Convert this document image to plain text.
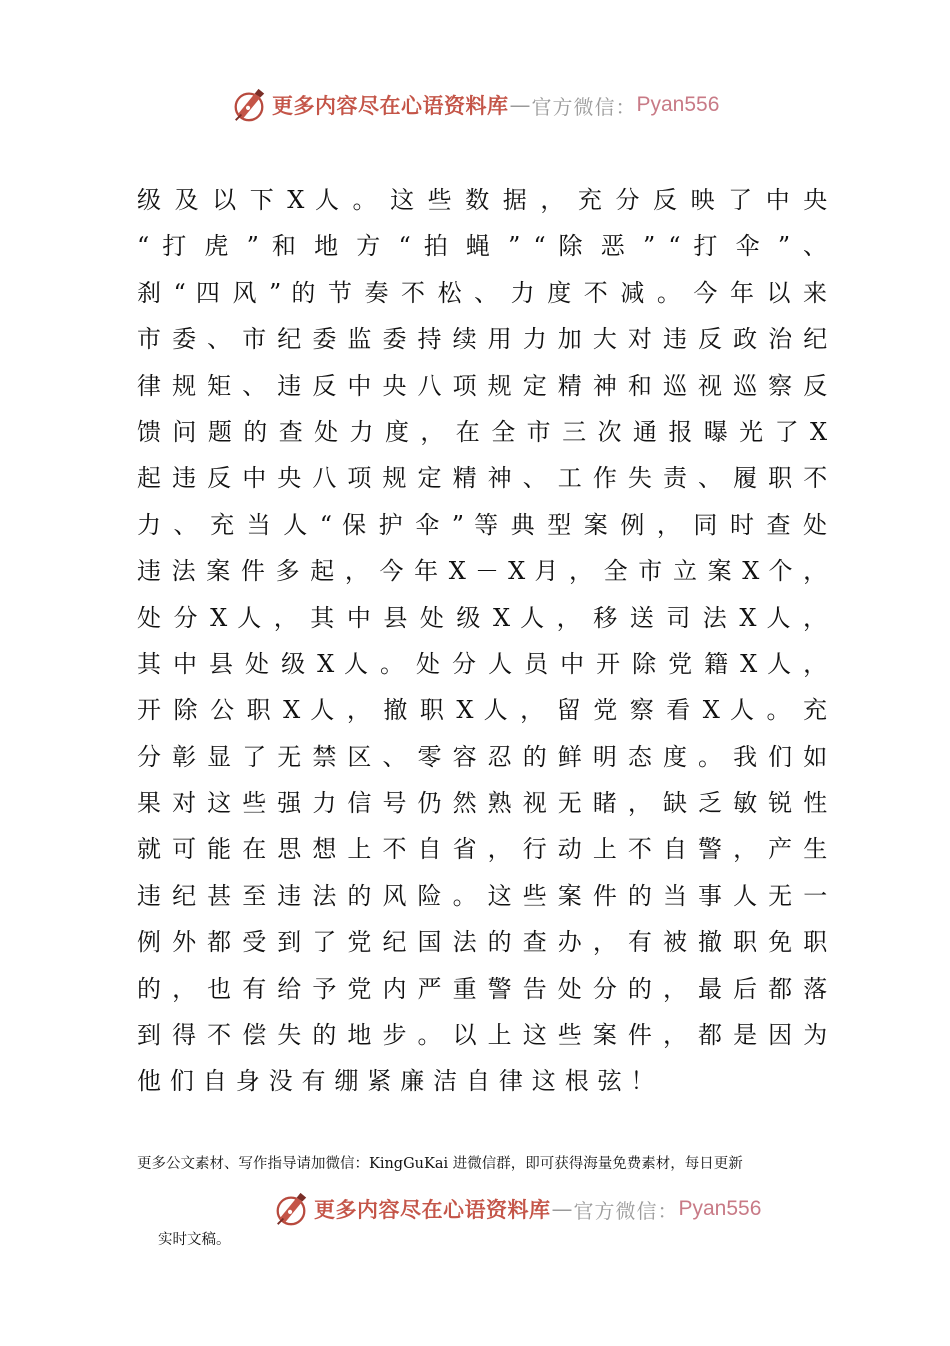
更多内容尽在心语资料库 — 官方微信： Pyan556
级 及 以 下 X 人 。 这 些 数 据 ， 充 分 反 映 了 中 央
“ 打 虎 ” 和 地 方 “ 拍 蝇 ” “ 除 恶 ” “ 打 伞 ” 、
刹 “ 四 风 ” 的 节 奏 不 松 、 力 度 不 减 。 今 年 以 来
市 委 、 市 纪 委 监 委 持 续 用 力 加 大 对 违 反 政 治 纪
律 规 矩 、 违 反 中 央 八 项 规 定 精 神 和 巡 视 巡 察 反
馈 问 题 的 查 处 力 度 ， 在 全 市 三 次 通 报 曝 光 了 X
起 违 反 中 央 八 项 规 定 精 神 、 工 作 失 责 、 履 职 不
力 、 充 当 人 “ 保 护 伞 ” 等 典 型 案 例 ， 同 时 查 处
违 法 案 件 多 起 ， 今 年 X － X 月 ， 全 市 立 案 X 个 ，
处 分 X 人 ， 其 中 县 处 级 X 人 ， 移 送 司 法 X 人 ，
其 中 县 处 级 X 人 。 处 分 人 员 中 开 除 党 籍 X 人 ，
开 除 公 职 X 人 ， 撤 职 X 人 ， 留 党 察 看 X 人 。 充
分 彰 显 了 无 禁 区 、 零 容 忍 的 鲜 明 态 度 。 我 们 如
果 对 这 些 强 力 信 号 仍 然 熟 视 无 睹 ， 缺 乏 敏 锐 性
就 可 能 在 思 想 上 不 自 省 ， 行 动 上 不 自 警 ， 产 生
违 纪 甚 至 违 法 的 风 险 。 这 些 案 件 的 当 事 人 无 一
例 外 都 受 到 了 党 纪 国 法 的 查 办 ， 有 被 撤 职 免 职
的 ， 也 有 给 予 党 内 严 重 警 告 处 分 的 ， 最 后 都 落
到 得 不 偿 失 的 地 步 。 以 上 这 些 案 件 ， 都 是 因 为
他们自身没有绷紧廉洁自律这根弦！
更多公文素材、写作指导请加微信：KingGuKai 进微信群，即可获得海量免费素材，每日更新
更多内容尽在心语资料库 — 官方微信： Pyan556
实时文稿。
